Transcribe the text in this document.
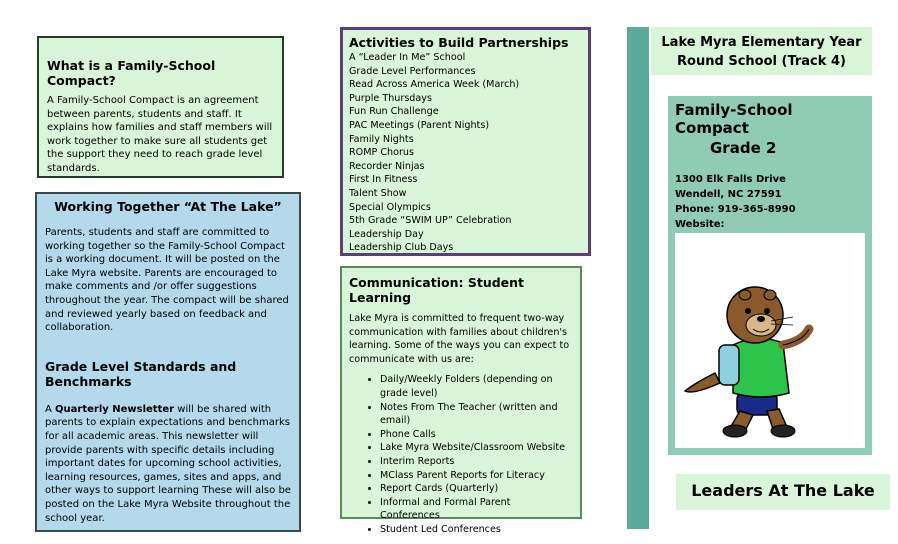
What is a Family-School Compact?

A Family-School Compact is an agreement between parents, students and staff. It explains how families and staff members will work together to make sure all students get the support they need to reach grade level standards.

Working Together “At The Lake”

Parents, students and staff are committed to working together so the Family-School Compact is a working document. It will be posted on the Lake Myra website. Parents are encouraged to make comments and /or offer suggestions throughout the year. The compact will be shared and reviewed yearly based on feedback and collaboration.

Grade Level Standards and Benchmarks

A Quarterly Newsletter will be shared with parents to explain expectations and benchmarks for all academic areas. This newsletter will provide parents with specific details including important dates for upcoming school activities, learning resources, games, sites and apps, and other ways to support learning These will also be posted on the Lake Myra Website throughout the school year.

Activities to Build Partnerships
A “Leader In Me” School
Grade Level Performances
Read Across America Week (March)
Purple Thursdays
Fun Run Challenge
PAC Meetings (Parent Nights)
Family Nights
ROMP Chorus
Recorder Ninjas
First In Fitness
Talent Show
Special Olympics
5th Grade “SWIM UP” Celebration
Leadership Day
Leadership Club Days
Communication: Student Learning

Lake Myra is committed to frequent two-way communication with families about children's learning. Some of the ways you can expect to communicate with us are:

• Daily/Weekly Folders (depending on grade level)
• Notes From The Teacher (written and email)
• Phone Calls
• Lake Myra Website/Classroom Website
• Interim Reports
• MClass Parent Reports for Literacy
• Report Cards (Quarterly)
• Informal and Formal Parent Conferences
• Student Led Conferences
Lake Myra Elementary Year
Round School (Track 4)
Family-School Compact
Grade 2
1300 Elk Falls Drive
Wendell, NC 27591
Phone: 919-365-8990
Website:
Leaders At The Lake
